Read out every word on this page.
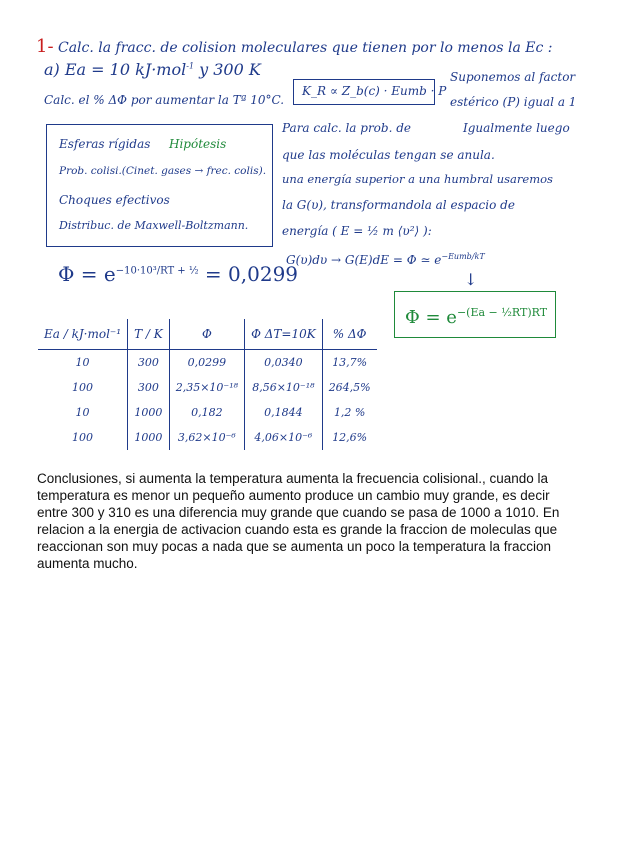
1- Calc. la fracc. de colision moleculares que tienen por lo menos la Ec :
a) Ea = 10 kJ·mol$^{-1}$ y 300 K
Calc. el % ΔΦ por aumentar la Tª 10°C.
K_R ∝ Z_b(c) · Eumb · P
Suponemos al factor
estérico (P) igual a 1
Igualmente luego
Esferas rígidas Hipótesis
Prob. colisi.(Cinet. gases → frec. colis).
Choques efectivos
Distribuc. de Maxwell-Boltzmann.
Para calc. la prob. de
que las moléculas tengan se anula.
una energía superior a una humbral usaremos
la G(υ), transformandola al espacio de
energía ( E = ½ m ⟨υ²⟩ ):
G(υ)dυ → G(E)dE = Φ ≃ $e^{-Eumb/kT}$
↓
$\Phi = e^{-10\cdot 10^3/RT + \frac{1}{2}} = 0,0299$
$\Phi = e^{-(Ea - \frac{1}{2}RT)RT}$
Ea / kJ·mol⁻¹	T / K	Φ	Φ ΔT=10K	% ΔΦ
10	300	0,0299	0,0340	13,7%
100	300	2,35×10⁻¹⁸	8,56×10⁻¹⁸	264,5%
10	1000	0,182	0,1844	1,2 %
100	1000	3,62×10⁻⁶	4,06×10⁻⁶	12,6%
Conclusiones, si aumenta la temperatura aumenta la frecuencia colisional., cuando la temperatura es menor un pequeño aumento produce un cambio muy grande, es decir entre 300 y 310 es una diferencia muy grande que cuando se pasa de 1000 a 1010. En relacion a la energia de activacion cuando esta es grande la fraccion de moleculas que reaccionan son muy pocas a nada que se aumenta un poco la temperatura la fraccion aumenta mucho.
